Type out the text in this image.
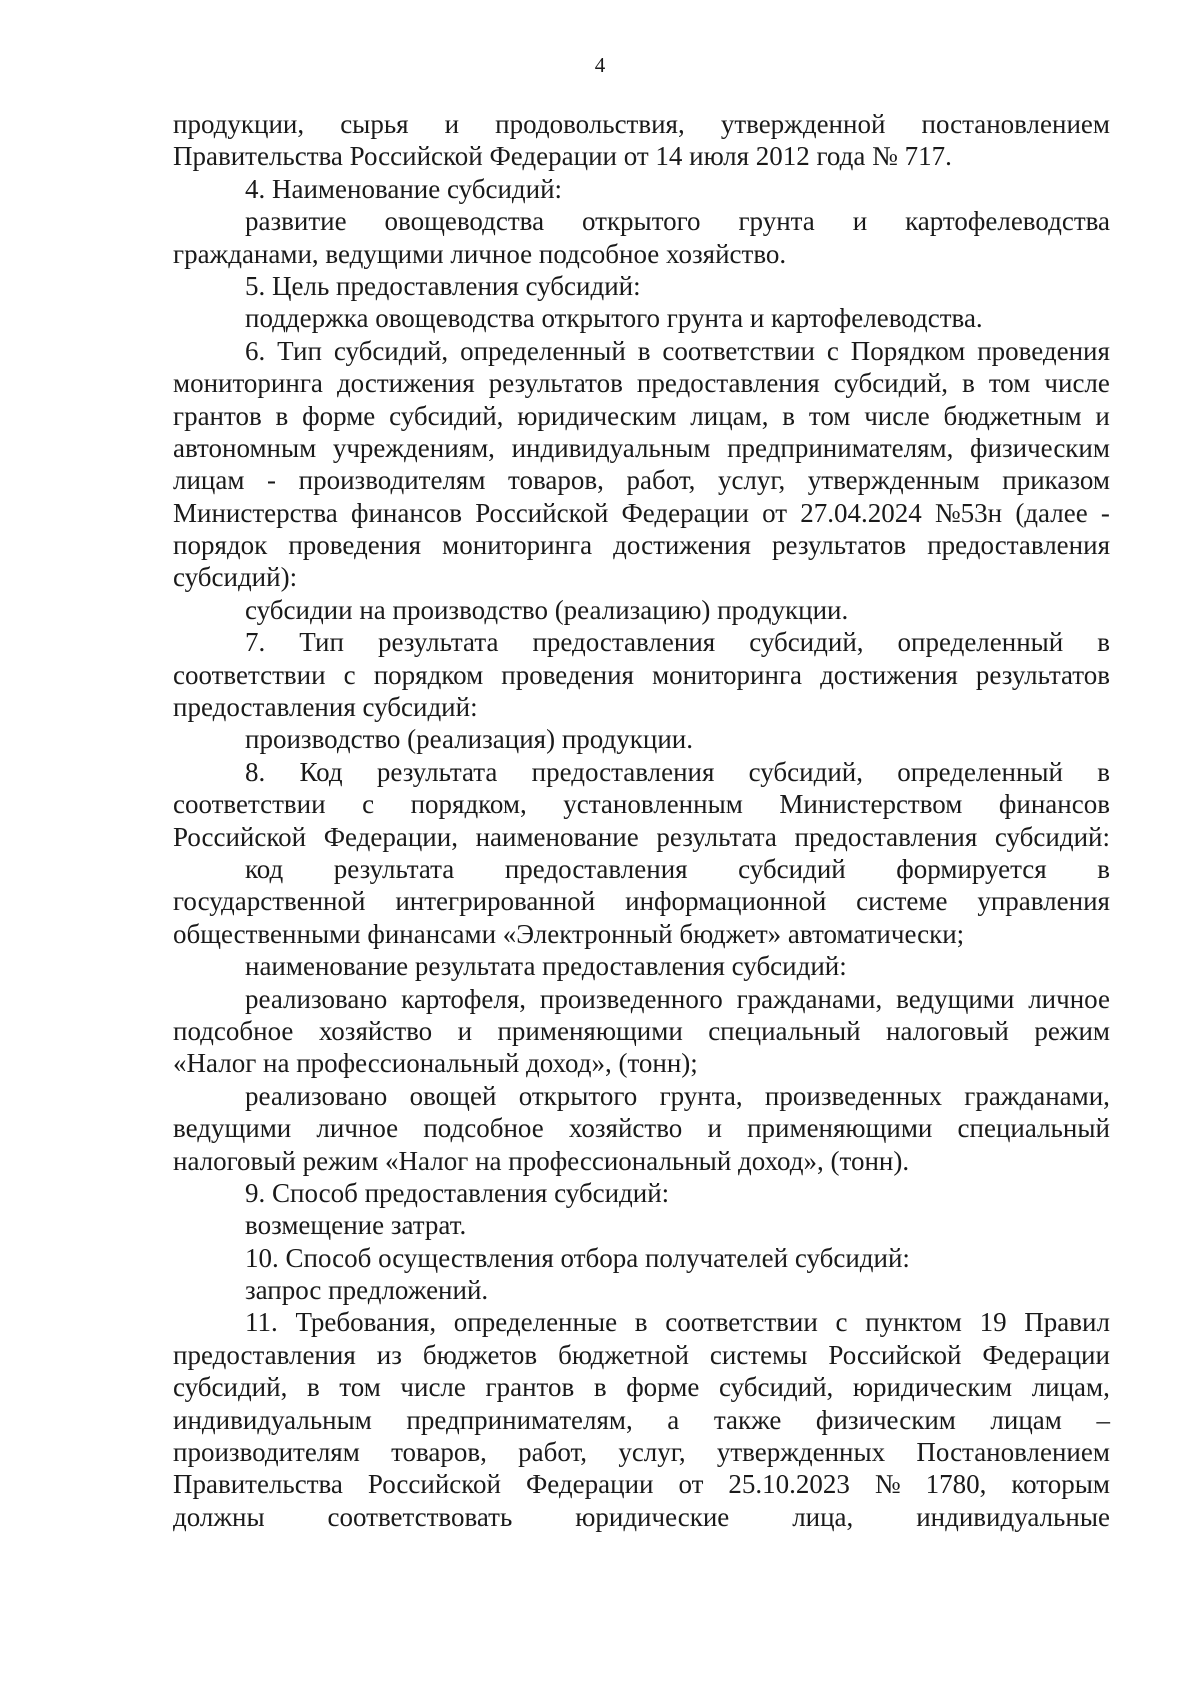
4
продукции, сырья и продовольствия, утвержденной постановлением
Правительства Российской Федерации от 14 июля 2012 года № 717.
4. Наименование субсидий:
развитие овощеводства открытого грунта и картофелеводства
гражданами, ведущими личное подсобное хозяйство.
5. Цель предоставления субсидий:
поддержка овощеводства открытого грунта и картофелеводства.
6. Тип субсидий, определенный в соответствии с Порядком проведения
мониторинга достижения результатов предоставления субсидий, в том числе
грантов в форме субсидий, юридическим лицам, в том числе бюджетным и
автономным учреждениям, индивидуальным предпринимателям, физическим
лицам - производителям товаров, работ, услуг, утвержденным приказом
Министерства финансов Российской Федерации от 27.04.2024 №53н (далее -
порядок проведения мониторинга достижения результатов предоставления
субсидий):
субсидии на производство (реализацию) продукции.
7. Тип результата предоставления субсидий, определенный в
соответствии с порядком проведения мониторинга достижения результатов
предоставления субсидий:
производство (реализация) продукции.
8. Код результата предоставления субсидий, определенный в
соответствии с порядком, установленным Министерством финансов
Российской Федерации, наименование результата предоставления субсидий:
код результата предоставления субсидий формируется в
государственной интегрированной информационной системе управления
общественными финансами «Электронный бюджет» автоматически;
наименование результата предоставления субсидий:
реализовано картофеля, произведенного гражданами, ведущими личное
подсобное хозяйство и применяющими специальный налоговый режим
«Налог на профессиональный доход», (тонн);
реализовано овощей открытого грунта, произведенных гражданами,
ведущими личное подсобное хозяйство и применяющими специальный
налоговый режим «Налог на профессиональный доход», (тонн).
9. Способ предоставления субсидий:
возмещение затрат.
10. Способ осуществления отбора получателей субсидий:
запрос предложений.
11. Требования, определенные в соответствии с пунктом 19 Правил
предоставления из бюджетов бюджетной системы Российской Федерации
субсидий, в том числе грантов в форме субсидий, юридическим лицам,
индивидуальным предпринимателям, а также физическим лицам –
производителям товаров, работ, услуг, утвержденных Постановлением
Правительства Российской Федерации от 25.10.2023 № 1780, которым
должны соответствовать юридические лица, индивидуальные
